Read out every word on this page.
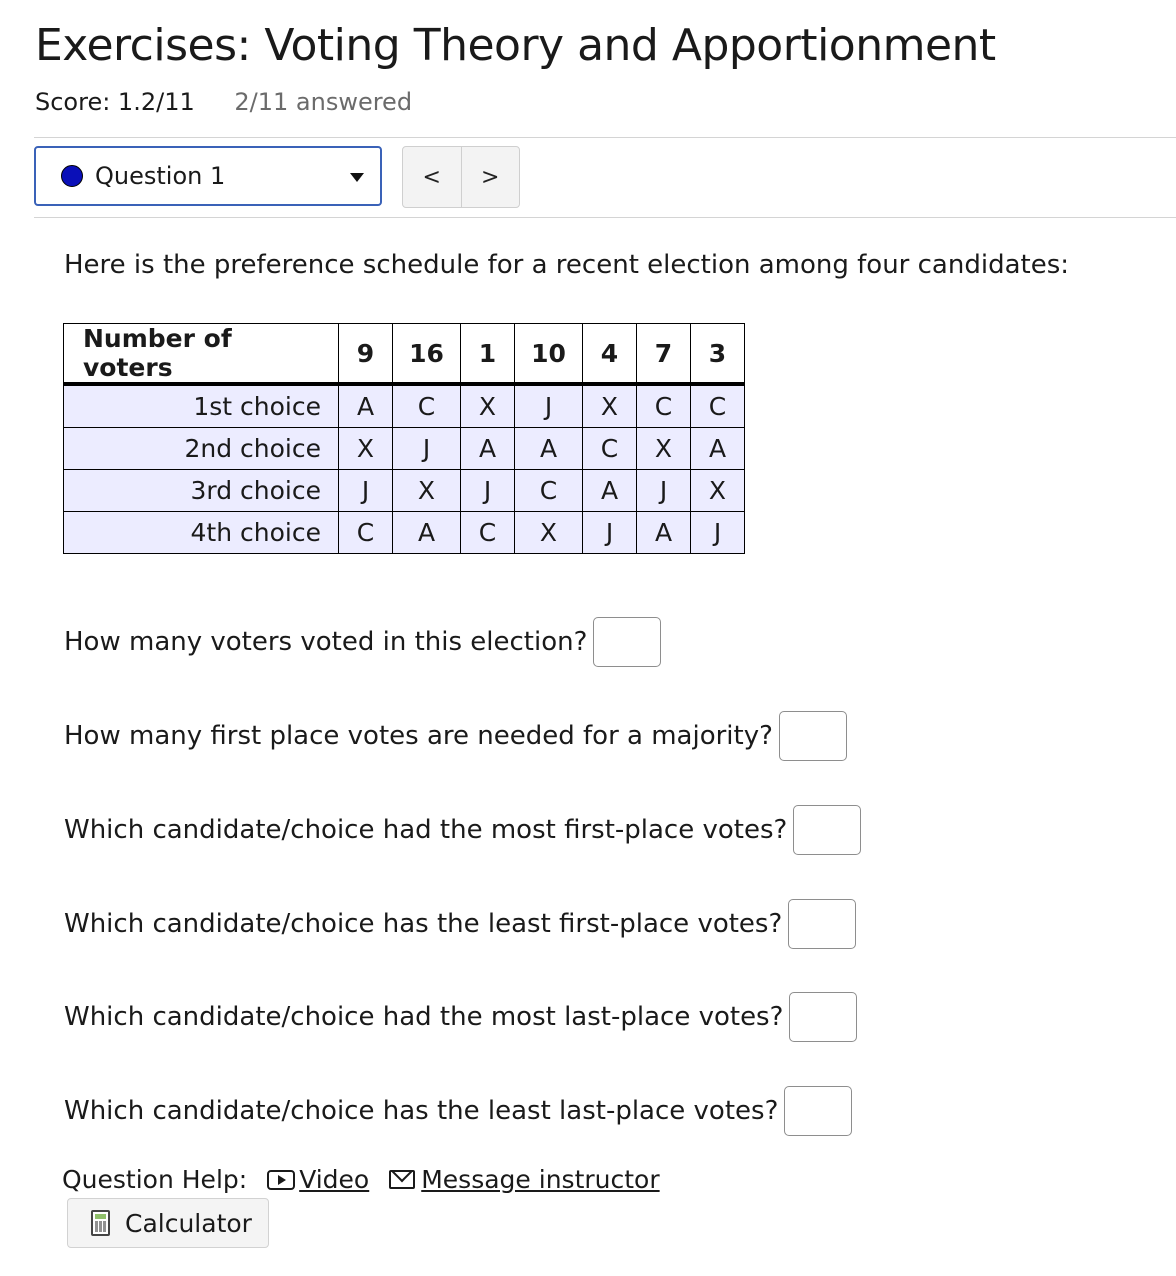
Exercises: Voting Theory and Apportionment
Score: 1.2/11 2/11 answered
Question 1	<	>
Here is the preference schedule for a recent election among four candidates:
Number of voters	9	16	1	10	4	7	3
1st choice	A	C	X	J	X	C	C
2nd choice	X	J	A	A	C	X	A
3rd choice	J	X	J	C	A	J	X
4th choice	C	A	C	X	J	A	J
How many voters voted in this election?
How many first place votes are needed for a majority?
Which candidate/choice had the most first-place votes?
Which candidate/choice has the least first-place votes?
Which candidate/choice had the most last-place votes?
Which candidate/choice has the least last-place votes?
Question Help: Video Message instructor
Calculator
